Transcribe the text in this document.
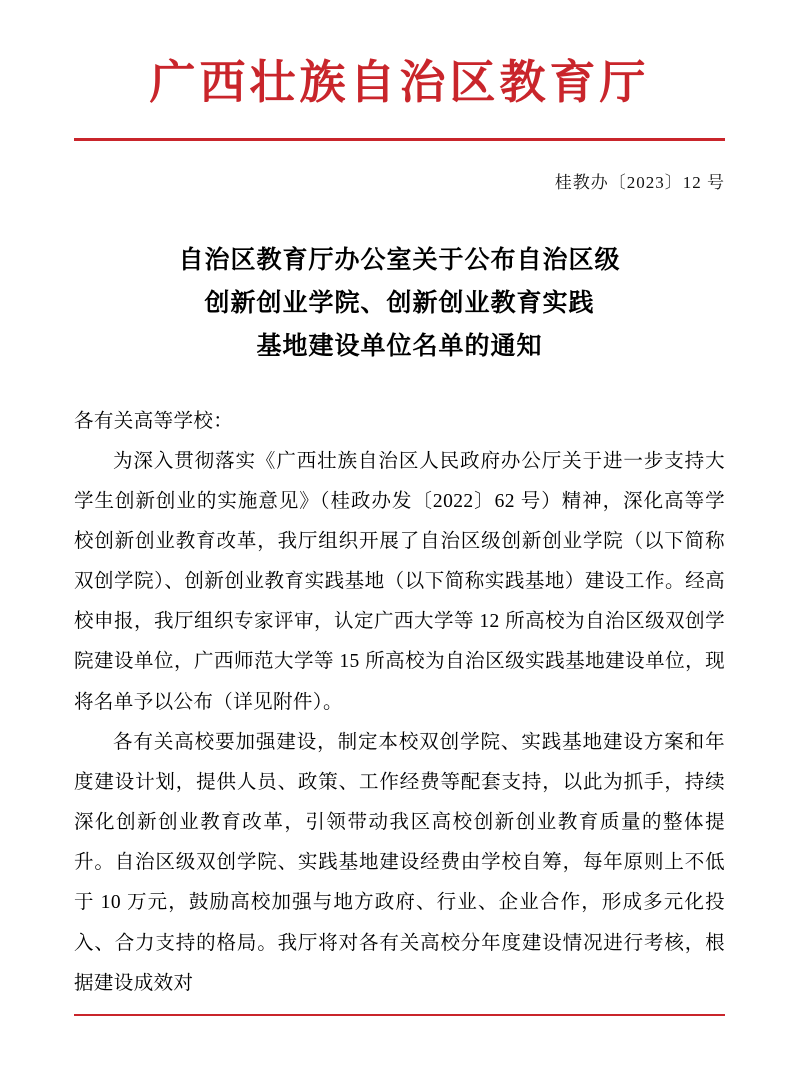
广西壮族自治区教育厅
桂教办〔2023〕12 号
自治区教育厅办公室关于公布自治区级
创新创业学院、创新创业教育实践
基地建设单位名单的通知

各有关高等学校：

为深入贯彻落实《广西壮族自治区人民政府办公厅关于进一步支持大学生创新创业的实施意见》（桂政办发〔2022〕62 号）精神，深化高等学校创新创业教育改革，我厅组织开展了自治区级创新创业学院（以下简称双创学院）、创新创业教育实践基地（以下简称实践基地）建设工作。经高校申报，我厅组织专家评审，认定广西大学等 12 所高校为自治区级双创学院建设单位，广西师范大学等 15 所高校为自治区级实践基地建设单位，现将名单予以公布（详见附件）。

各有关高校要加强建设，制定本校双创学院、实践基地建设方案和年度建设计划，提供人员、政策、工作经费等配套支持，以此为抓手，持续深化创新创业教育改革，引领带动我区高校创新创业教育质量的整体提升。自治区级双创学院、实践基地建设经费由学校自筹，每年原则上不低于 10 万元，鼓励高校加强与地方政府、行业、企业合作，形成多元化投入、合力支持的格局。我厅将对各有关高校分年度建设情况进行考核，根据建设成效对
